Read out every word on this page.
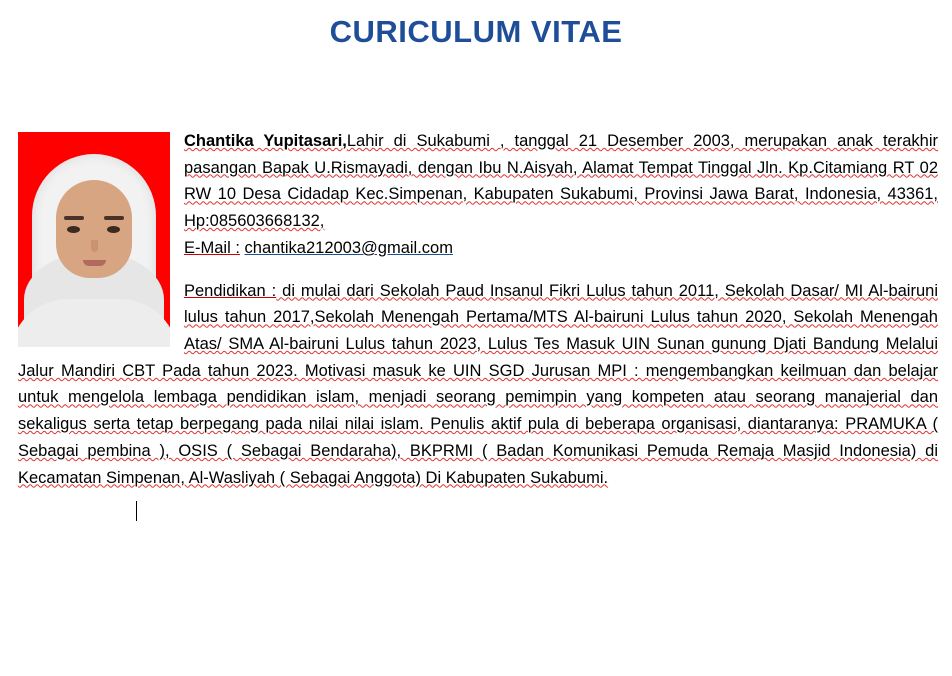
CURICULUM VITAE

Chantika Yupitasari,Lahir di Sukabumi , tanggal 21 Desember 2003, merupakan anak terakhir pasangan Bapak U.Rismayadi, dengan Ibu N.Aisyah, Alamat Tempat Tinggal Jln. Kp.Citamiang RT 02 RW 10 Desa Cidadap Kec.Simpenan, Kabupaten Sukabumi, Provinsi Jawa Barat, Indonesia, 43361, Hp:085603668132,
E-Mail : chantika212003@gmail.com

Pendidikan : di mulai dari Sekolah Paud Insanul Fikri Lulus tahun 2011, Sekolah Dasar/ MI Al-bairuni lulus tahun 2017,Sekolah Menengah Pertama/MTS Al-bairuni Lulus tahun 2020, Sekolah Menengah Atas/ SMA Al-bairuni Lulus tahun 2023, Lulus Tes Masuk UIN Sunan gunung Djati Bandung Melalui Jalur Mandiri CBT Pada tahun 2023. Motivasi masuk ke UIN SGD Jurusan MPI : mengembangkan keilmuan dan belajar untuk mengelola lembaga pendidikan islam, menjadi seorang pemimpin yang kompeten atau seorang manajerial dan sekaligus serta tetap berpegang pada nilai nilai islam. Penulis aktif pula di beberapa organisasi, diantaranya: PRAMUKA ( Sebagai pembina ), OSIS ( Sebagai Bendaraha), BKPRMI ( Badan Komunikasi Pemuda Remaja Masjid Indonesia) di Kecamatan Simpenan, Al-Wasliyah ( Sebagai Anggota) Di Kabupaten Sukabumi.
